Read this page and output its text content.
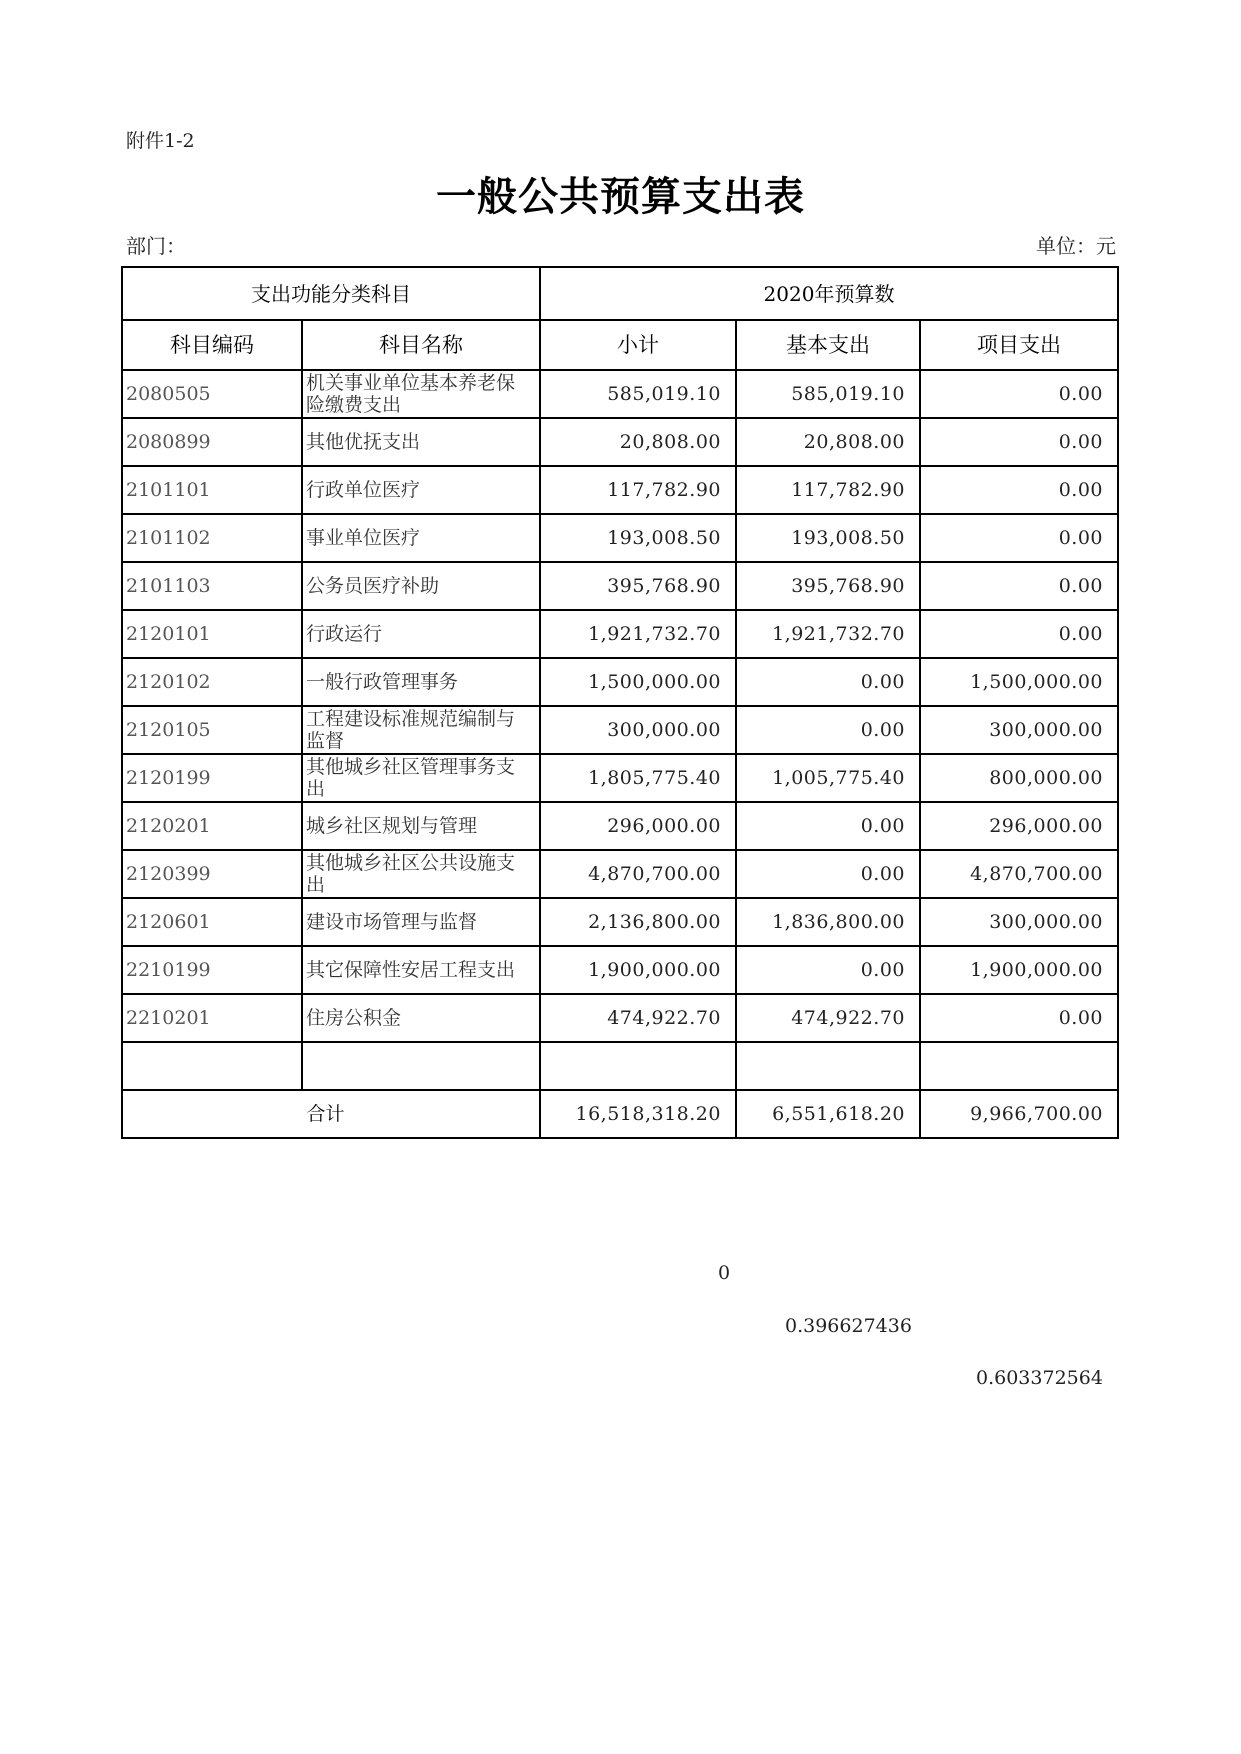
附件1-2
一般公共预算支出表
部门：	单位：元
支出功能分类科目		2020年预算数		
科目编码	科目名称	小计	基本支出	项目支出
2080505	机关事业单位基本养老保险缴费支出	585,019.10	585,019.10	0.00
2080899	其他优抚支出	20,808.00	20,808.00	0.00
2101101	行政单位医疗	117,782.90	117,782.90	0.00
2101102	事业单位医疗	193,008.50	193,008.50	0.00
2101103	公务员医疗补助	395,768.90	395,768.90	0.00
2120101	行政运行	1,921,732.70	1,921,732.70	0.00
2120102	一般行政管理事务	1,500,000.00	0.00	1,500,000.00
2120105	工程建设标准规范编制与监督	300,000.00	0.00	300,000.00
2120199	其他城乡社区管理事务支出	1,805,775.40	1,005,775.40	800,000.00
2120201	城乡社区规划与管理	296,000.00	0.00	296,000.00
2120399	其他城乡社区公共设施支出	4,870,700.00	0.00	4,870,700.00
2120601	建设市场管理与监督	2,136,800.00	1,836,800.00	300,000.00
2210199	其它保障性安居工程支出	1,900,000.00	0.00	1,900,000.00
2210201	住房公积金	474,922.70	474,922.70	0.00

合计		16,518,318.20	6,551,618.20	9,966,700.00
0
0.396627436
0.603372564
